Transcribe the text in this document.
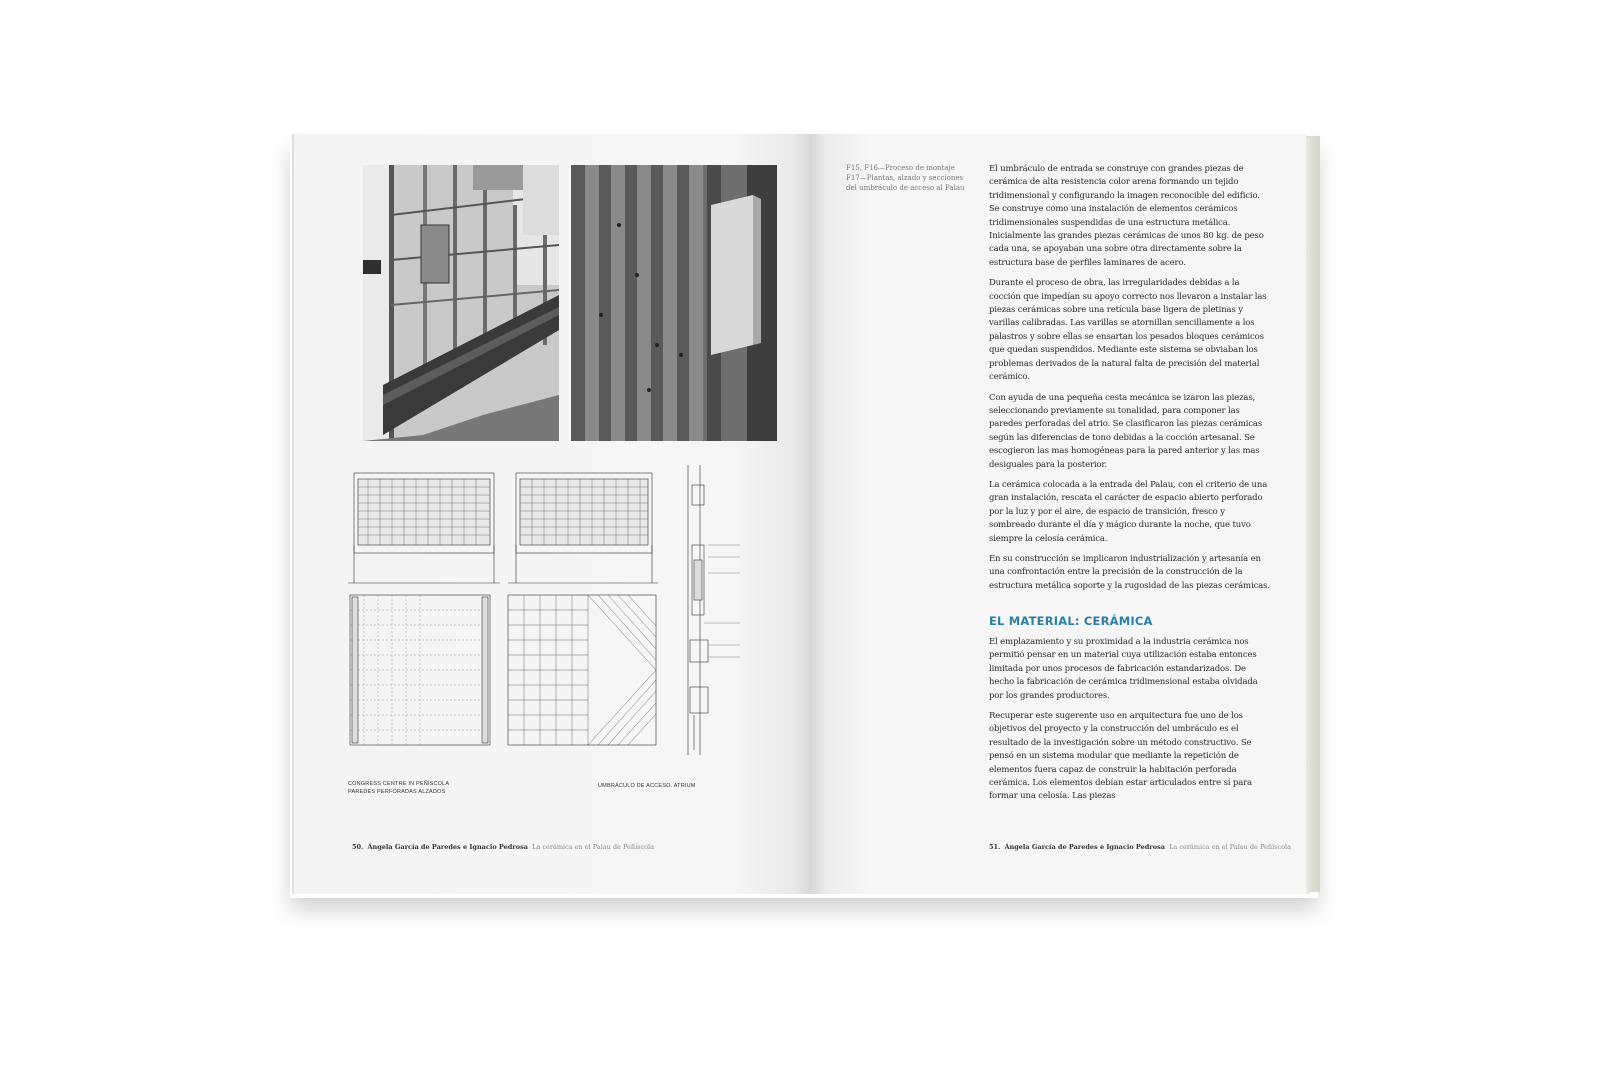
CONGRESS CENTRE IN PEÑÍSCOLA
PAREDES PERFORADAS ALZADOS
UMBRÁCULO DE ACCESO. ATRIUM
50. Ángela García de Paredes e Ignacio Pedrosa La cerámica en el Palau de Peñíscola

F15, F16—Proceso de montaje

F17—Plantas, alzado y secciones del umbráculo de acceso al Palau

El umbráculo de entrada se construye con grandes piezas de cerámica de alta resistencia color arena formando un tejido tridimensional y configurando la imagen reconocible del edificio. Se construye como una instalación de elementos cerámicos tridimensionales suspendidas de una estructura metálica. Inicialmente las grandes piezas cerámicas de unos 80 kg. de peso cada una, se apoyaban una sobre otra directamente sobre la estructura base de perfiles laminares de acero.

Durante el proceso de obra, las irregularidades debidas a la cocción que impedían su apoyo correcto nos llevaron a instalar las piezas cerámicas sobre una retícula base ligera de pletinas y varillas calibradas. Las varillas se atornillan sencillamente a los palastros y sobre ellas se ensartan los pesados bloques cerámicos que quedan suspendidos. Mediante este sistema se obviaban los problemas derivados de la natural falta de precisión del material cerámico.

Con ayuda de una pequeña cesta mecánica se izaron las piezas, seleccionando previamente su tonalidad, para componer las paredes perforadas del atrio. Se clasificaron las piezas cerámicas según las diferencias de tono debidas a la cocción artesanal. Se escogieron las mas homogéneas para la pared anterior y las mas desiguales para la posterior.

La cerámica colocada a la entrada del Palau, con el criterio de una gran instalación, rescata el carácter de espacio abierto perforado por la luz y por el aire, de espacio de transición, fresco y sombreado durante el día y mágico durante la noche, que tuvo siempre la celosía cerámica.

En su construcción se implicaron industrialización y artesanía en una confrontación entre la precisión de la construcción de la estructura metálica soporte y la rugosidad de las piezas cerámicas.

EL MATERIAL: CERÁMICA

El emplazamiento y su proximidad a la industria cerámica nos permitió pensar en un material cuya utilización estaba entonces limitada por unos procesos de fabricación estandarizados. De hecho la fabricación de cerámica tridimensional estaba olvidada por los grandes productores.

Recuperar este sugerente uso en arquitectura fue uno de los objetivos del proyecto y la construcción del umbráculo es el resultado de la investigación sobre un método constructivo. Se pensó en un sistema modular que mediante la repetición de elementos fuera capaz de construir la habitación perforada cerámica. Los elementos debían estar articulados entre sí para formar una celosía. Las piezas

51. Ángela García de Paredes e Ignacio Pedrosa La cerámica en el Palau de Peñíscola
